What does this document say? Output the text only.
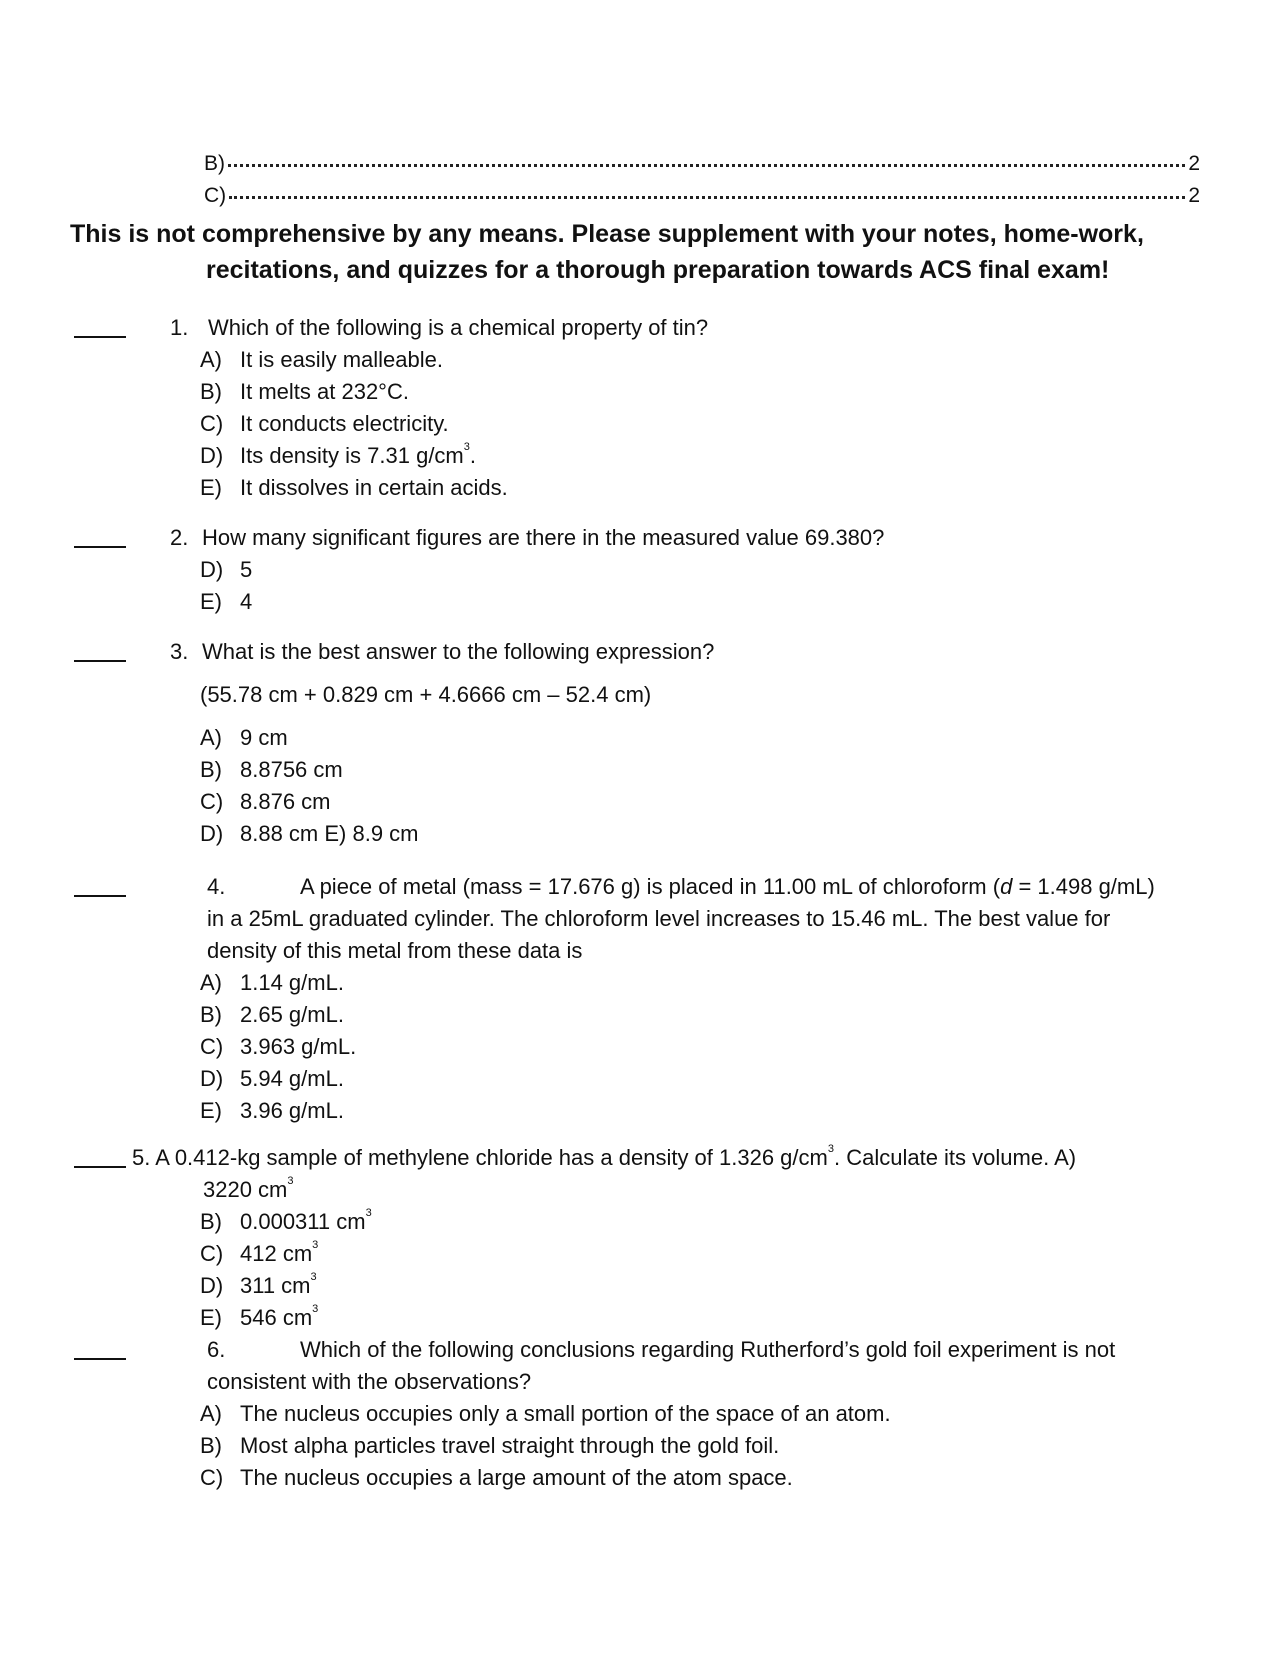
B)	2
C)	2
This is not comprehensive by any means. Please supplement with your notes, home-work,
recitations, and quizzes for a thorough preparation towards ACS final exam!
1. Which of the following is a chemical property of tin?
A) It is easily malleable.
B) It melts at 232°C.
C) It conducts electricity.
D) Its density is 7.31 $g/cm^3$.
E) It dissolves in certain acids.
2. How many significant figures are there in the measured value 69.380?
D) 5
E) 4
3. What is the best answer to the following expression?
(55.78 cm + 0.829 cm + 4.6666 cm – 52.4 cm)
A) 9 cm
B) 8.8756 cm
C) 8.876 cm
D) 8.88 cm E) 8.9 cm
4.	A piece of metal (mass = 17.676 g) is placed in 11.00 mL of chloroform (d = 1.498 g/mL)
in a 25mL graduated cylinder. The chloroform level increases to 15.46 mL. The best value for
density of this metal from these data is
A) 1.14 g/mL.
B) 2.65 g/mL.
C) 3.963 g/mL.
D) 5.94 g/mL.
E) 3.96 g/mL.
5. A 0.412-kg sample of methylene chloride has a density of 1.326 $g/cm^3$. Calculate its volume. A)
3220 $cm^3$
B) 0.000311 $cm^3$
C) 412 $cm^3$
D) 311 $cm^3$
E) 546 $cm^3$
6.	Which of the following conclusions regarding Rutherford’s gold foil experiment is not
consistent with the observations?
A) The nucleus occupies only a small portion of the space of an atom.
B) Most alpha particles travel straight through the gold foil.
C) The nucleus occupies a large amount of the atom space.
